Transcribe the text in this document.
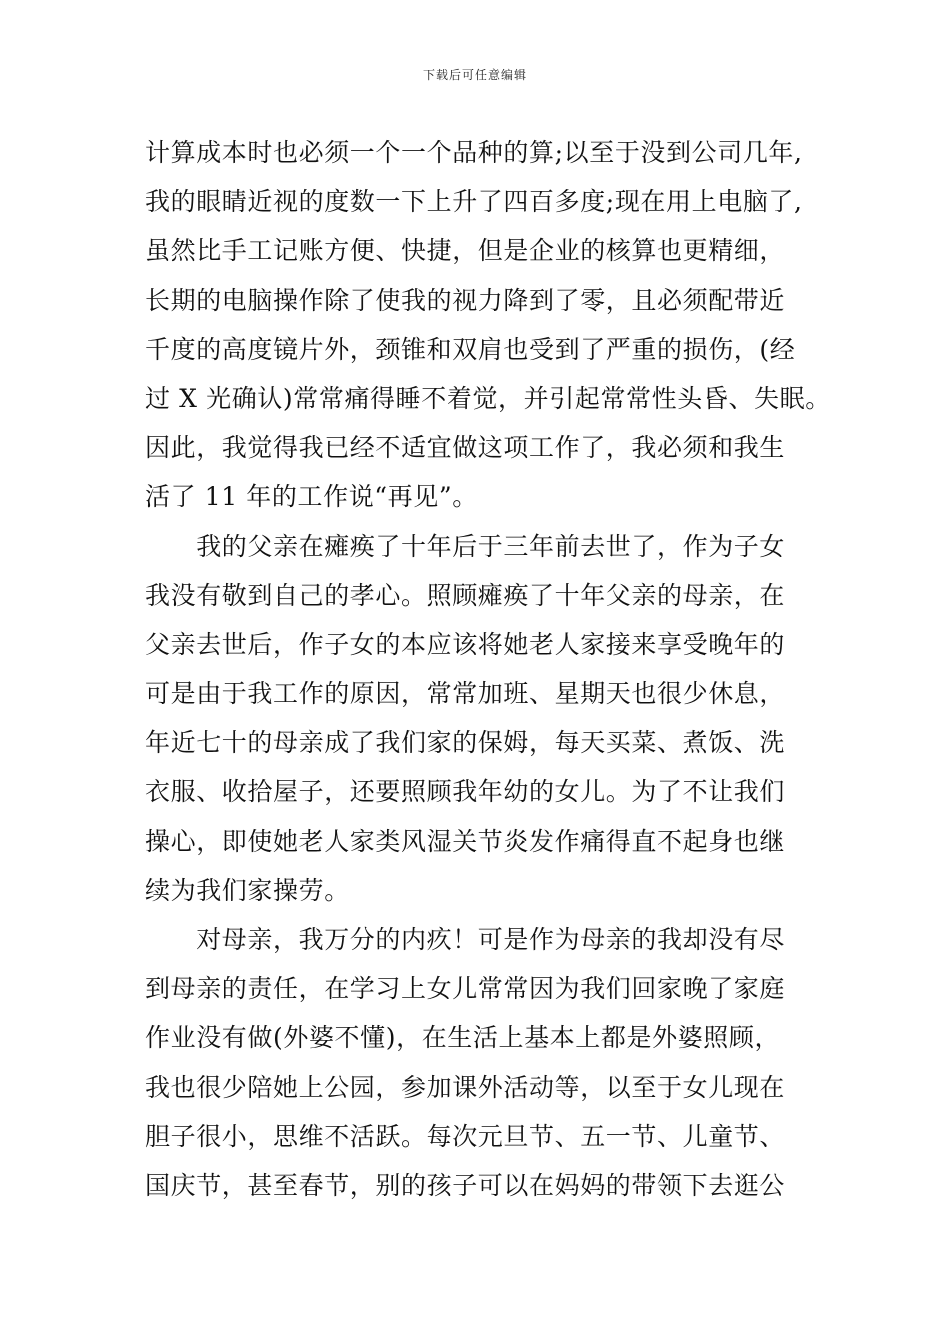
下载后可任意编辑
计算成本时也必须一个一个品种的算;以至于没到公司几年,
我的眼睛近视的度数一下上升了四百多度;现在用上电脑了,
虽然比手工记账方便、快捷，但是企业的核算也更精细，
长期的电脑操作除了使我的视力降到了零，且必须配带近
千度的高度镜片外，颈锥和双肩也受到了严重的损伤，(经
过 X 光确认)常常痛得睡不着觉，并引起常常性头昏、失眠。
因此，我觉得我已经不适宜做这项工作了，我必须和我生
活了 11 年的工作说“再见”。
　　我的父亲在瘫痪了十年后于三年前去世了，作为子女
我没有敬到自己的孝心。照顾瘫痪了十年父亲的母亲，在
父亲去世后，作子女的本应该将她老人家接来享受晚年的
可是由于我工作的原因，常常加班、星期天也很少休息，
年近七十的母亲成了我们家的保姆，每天买菜、煮饭、洗
衣服、收拾屋子，还要照顾我年幼的女儿。为了不让我们
操心，即使她老人家类风湿关节炎发作痛得直不起身也继
续为我们家操劳。
　　对母亲，我万分的内疚！可是作为母亲的我却没有尽
到母亲的责任，在学习上女儿常常因为我们回家晚了家庭
作业没有做(外婆不懂)，在生活上基本上都是外婆照顾，
我也很少陪她上公园，参加课外活动等，以至于女儿现在
胆子很小，思维不活跃。每次元旦节、五一节、儿童节、
国庆节，甚至春节，别的孩子可以在妈妈的带领下去逛公
